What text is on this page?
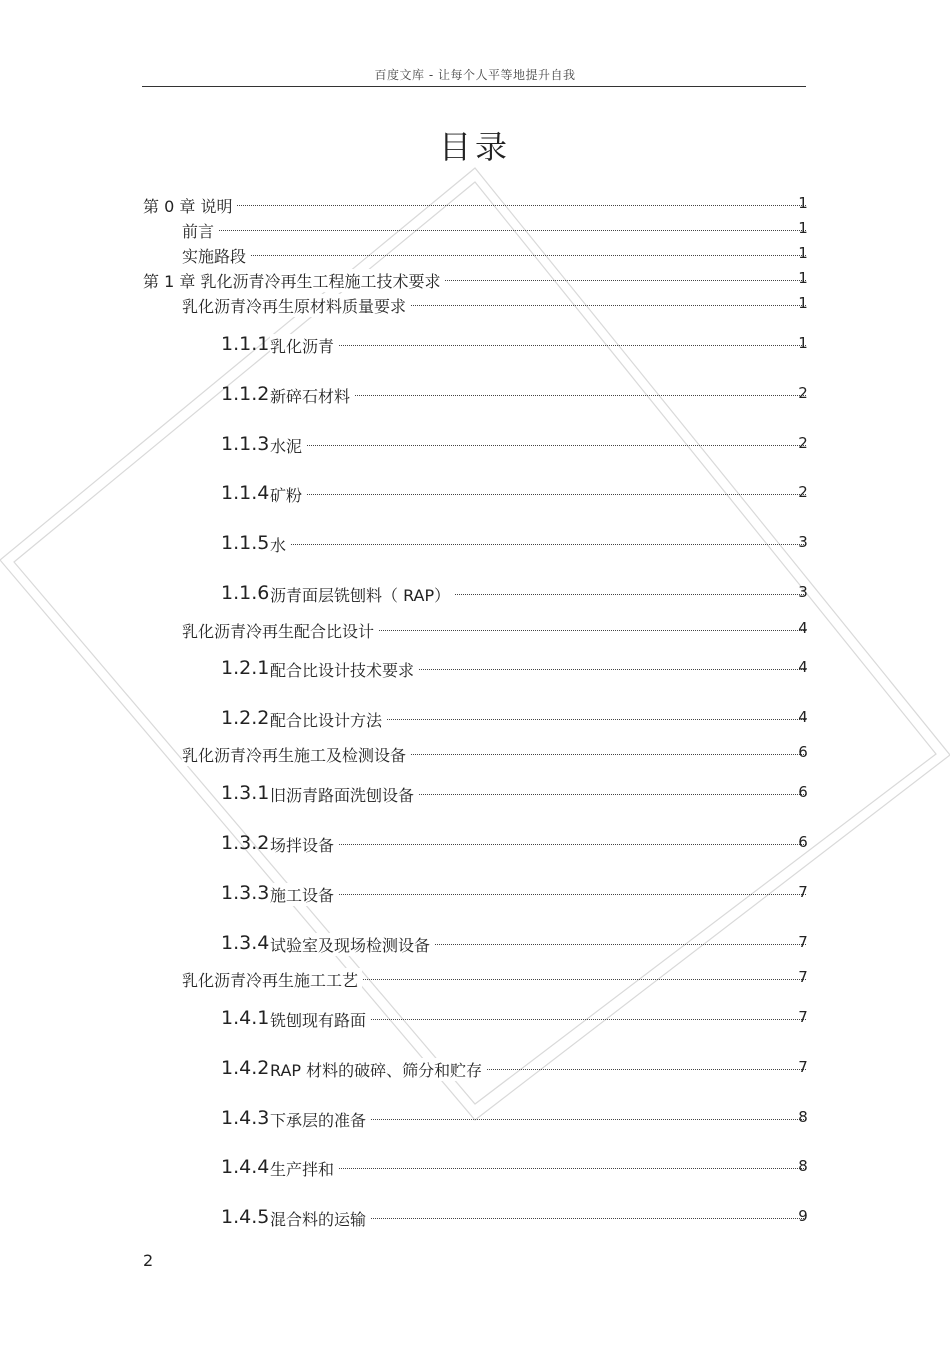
百度文库 - 让每个人平等地提升自我
目录
第 0 章 说明	1
前言	1
实施路段	1
第 1 章 乳化沥青冷再生工程施工技术要求	1
乳化沥青冷再生原材料质量要求	1
1.1.1 乳化沥青	1
1.1.2 新碎石材料	2
1.1.3 水泥	2
1.1.4 矿粉	2
1.1.5 水	3
1.1.6 沥青面层铣刨料（ RAP）	3
乳化沥青冷再生配合比设计	4
1.2.1 配合比设计技术要求	4
1.2.2 配合比设计方法	4
乳化沥青冷再生施工及检测设备	6
1.3.1 旧沥青路面洗刨设备	6
1.3.2 场拌设备	6
1.3.3 施工设备	7
1.3.4 试验室及现场检测设备	7
乳化沥青冷再生施工工艺	7
1.4.1 铣刨现有路面	7
1.4.2 RAP 材料的破碎、筛分和贮存	7
1.4.3 下承层的准备	8
1.4.4 生产拌和	8
1.4.5 混合料的运输	9
2
